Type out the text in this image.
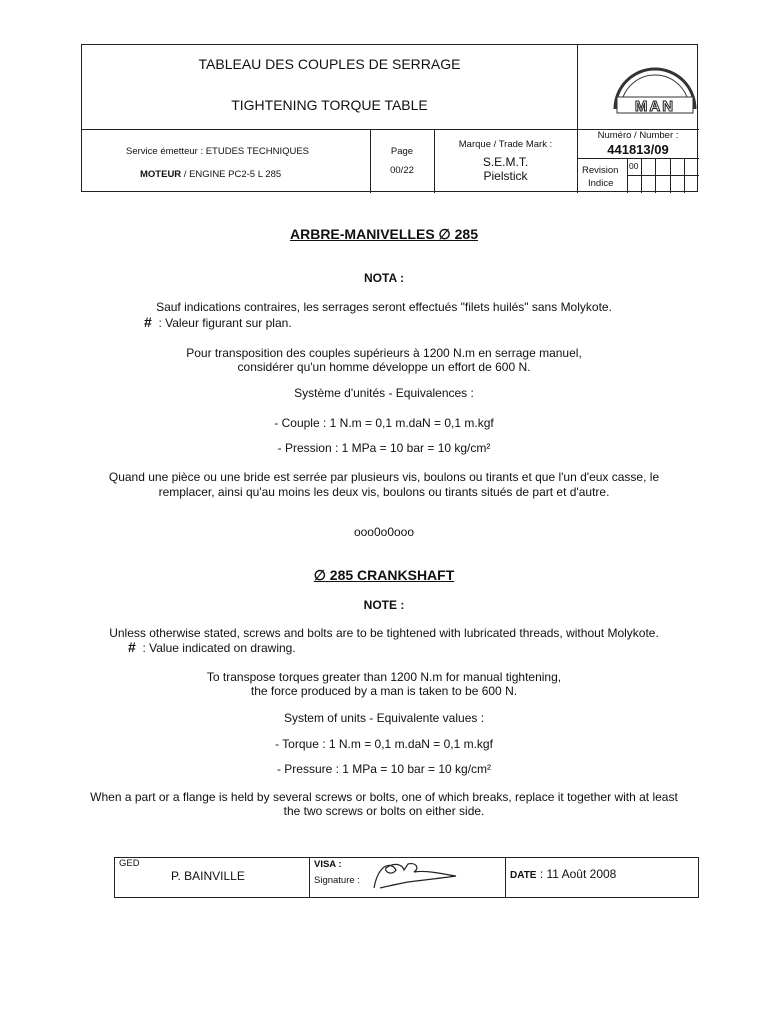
TABLEAU DES COUPLES DE SERRAGE
TIGHTENING TORQUE TABLE	MAN
Service émetteur : ETUDES TECHNIQUES
MOTEUR / ENGINE PC2-5 L 285
Page
00/22
Marque / Trade Mark :
S.E.M.T.
Pielstick
Numéro / Number :
441813/09
Revision
Indice
00
ARBRE-MANIVELLES ∅ 285
NOTA :
Sauf indications contraires, les serrages seront effectués "filets huilés" sans Molykote.
# : Valeur figurant sur plan.
Pour transposition des couples supérieurs à 1200 N.m en serrage manuel,
considérer qu'un homme développe un effort de 600 N.
Système d'unités - Equivalences :
- Couple : 1 N.m = 0,1 m.daN = 0,1 m.kgf
- Pression : 1 MPa = 10 bar = 10 kg/cm²
Quand une pièce ou une bride est serrée par plusieurs vis, boulons ou tirants et que l'un d'eux casse, le
remplacer, ainsi qu'au moins les deux vis, boulons ou tirants situés de part et d'autre.
ooo0o0ooo
∅ 285 CRANKSHAFT
NOTE :
Unless otherwise stated, screws and bolts are to be tightened with lubricated threads, without Molykote.
# : Value indicated on drawing.
To transpose torques greater than 1200 N.m for manual tightening,
the force produced by a man is taken to be 600 N.
System of units - Equivalente values :
- Torque : 1 N.m = 0,1 m.daN = 0,1 m.kgf
- Pressure : 1 MPa = 10 bar = 10 kg/cm²
When a part or a flange is held by several screws or bolts, one of which breaks, replace it together with at least
the two screws or bolts on either side.
GED
P. BAINVILLE
VISA :
Signature :	DATE : 11 Août 2008
